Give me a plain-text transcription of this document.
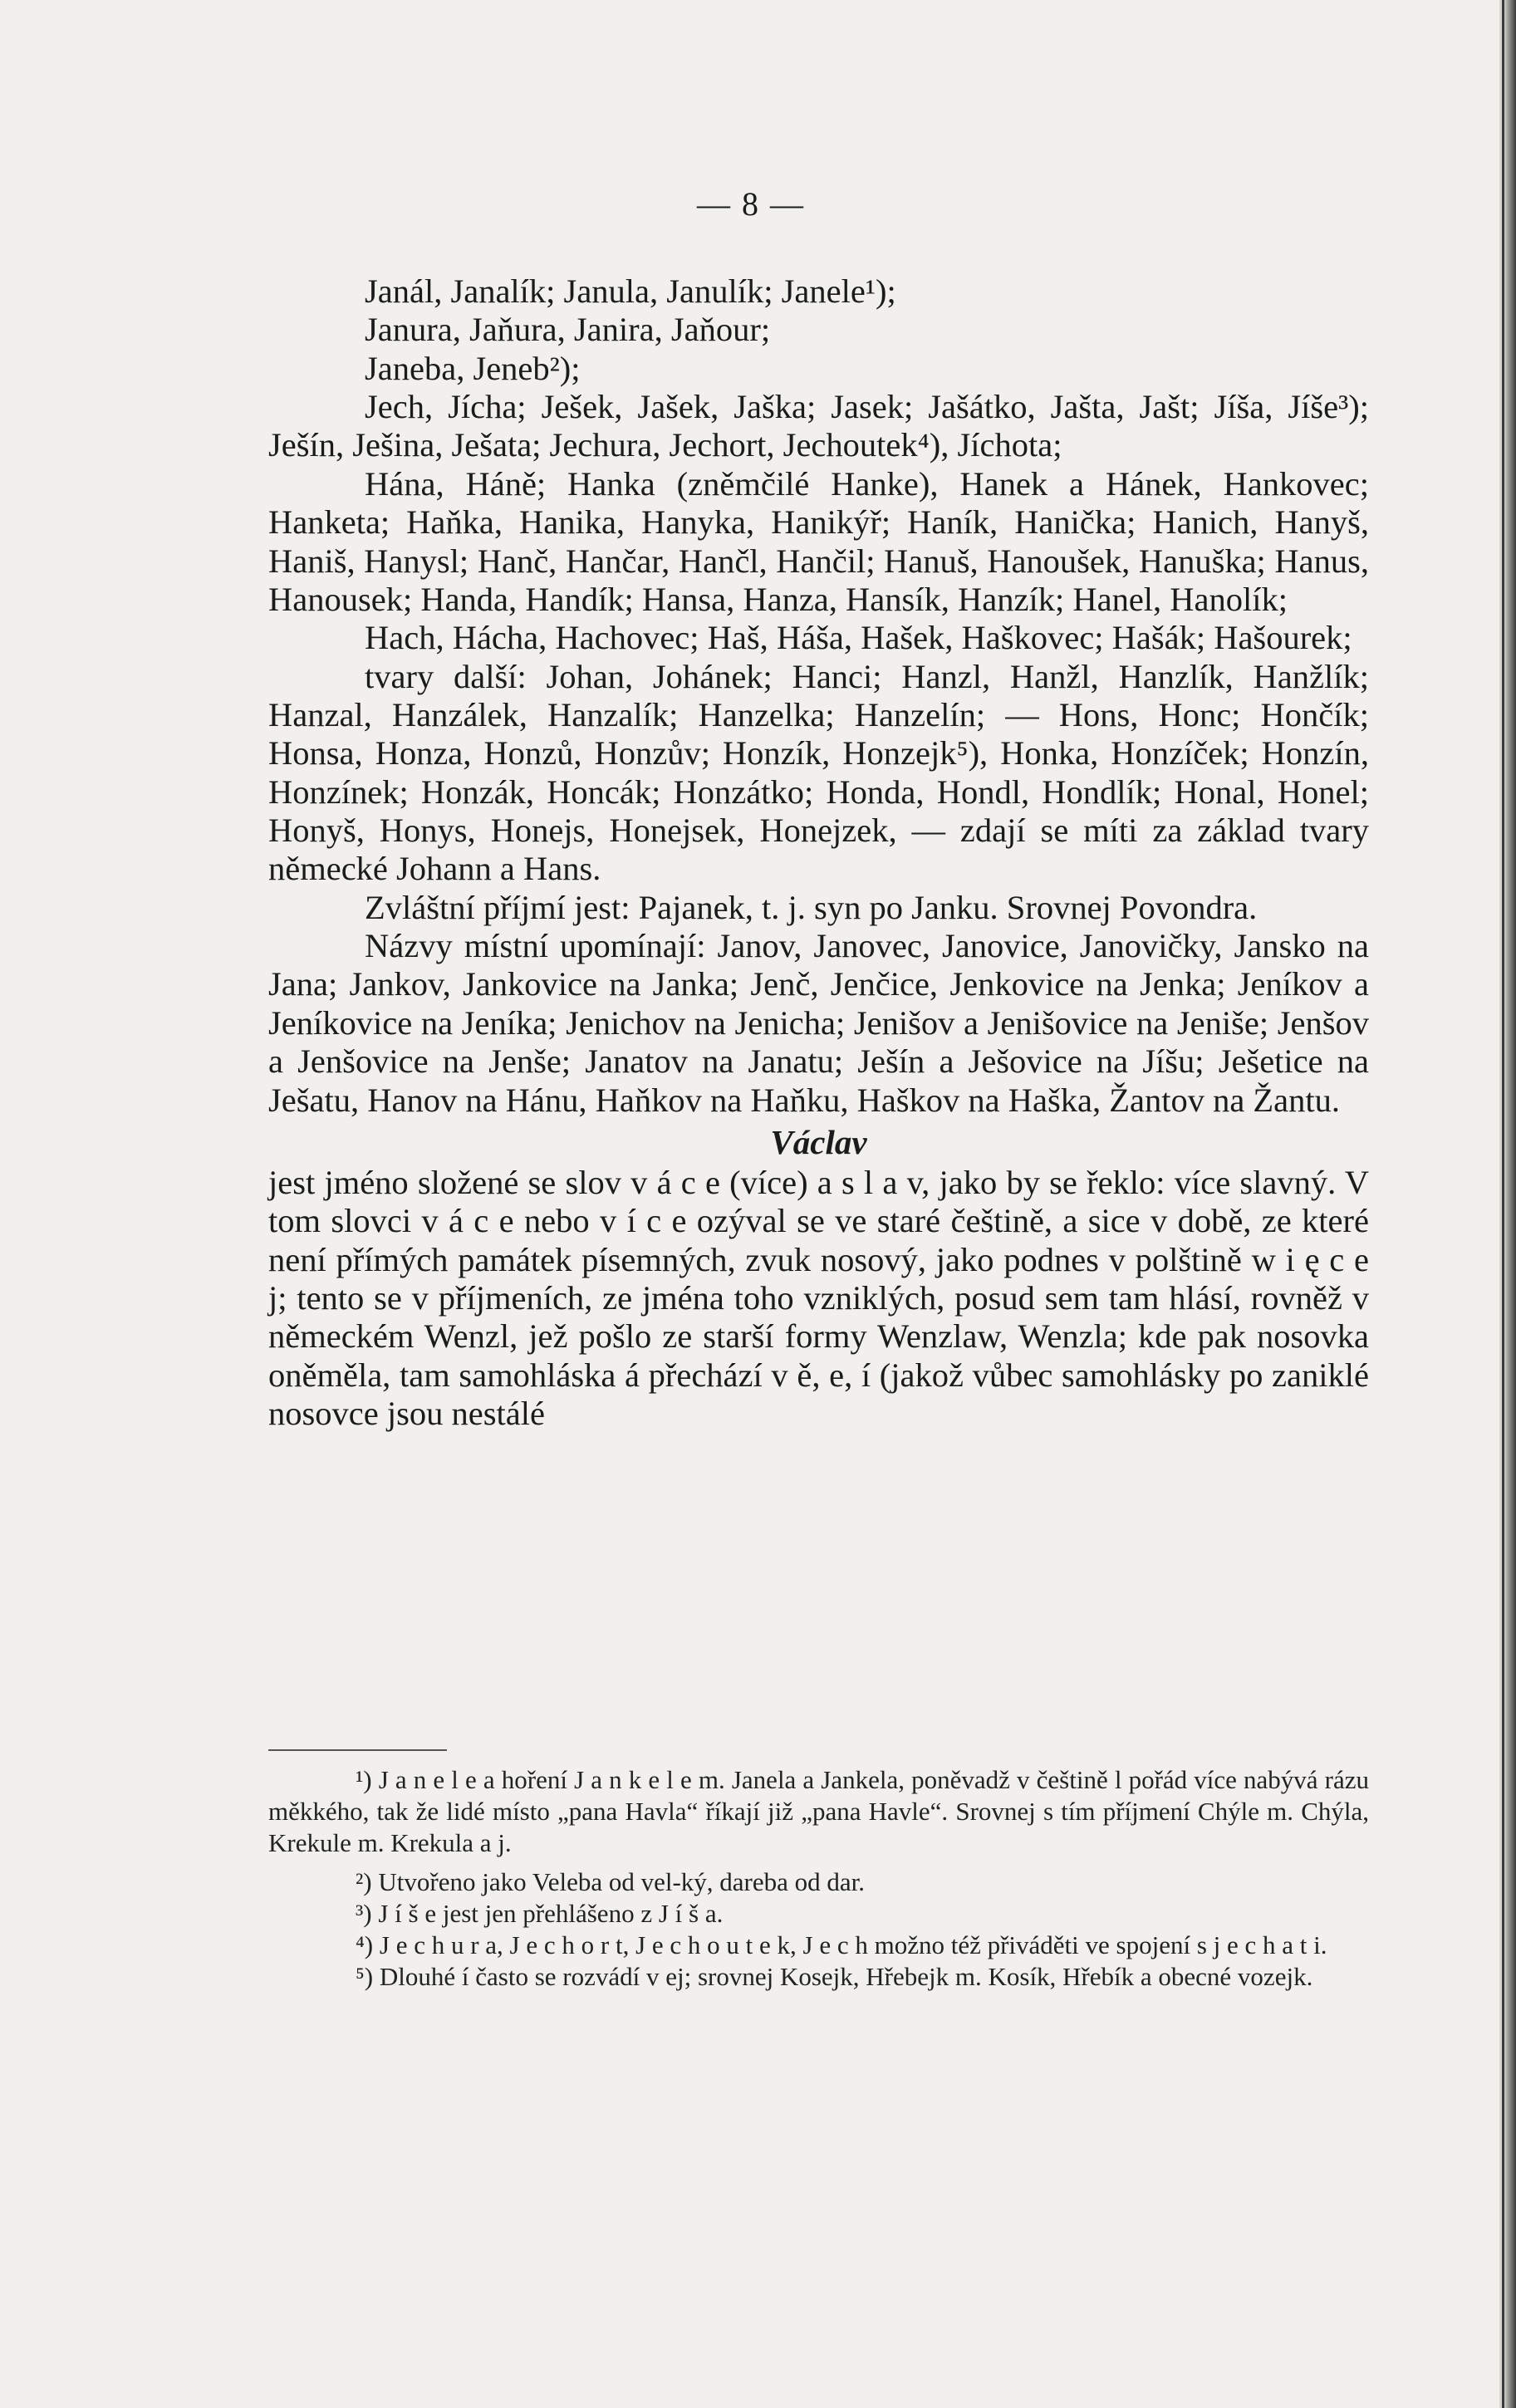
— 8 —

Janál, Janalík; Janula, Janulík; Janele¹);

Janura, Jaňura, Janira, Jaňour;

Janeba, Jeneb²);

Jech, Jícha; Ješek, Jašek, Jaška; Jasek; Jašátko, Jašta, Jašt; Jíša, Jíše³); Ješín, Ješina, Ješata; Jechura, Jechort, Jechoutek⁴), Jíchota;

Hána, Háně; Hanka (zněmčilé Hanke), Hanek a Hánek, Hankovec; Hanketa; Haňka, Hanika, Hanyka, Hanikýř; Haník, Hanička; Hanich, Hanyš, Haniš, Hanysl; Hanč, Hančar, Hančl, Hančil; Hanuš, Hanoušek, Hanuška; Hanus, Hanousek; Handa, Handík; Hansa, Hanza, Hansík, Hanzík; Hanel, Hanolík;

Hach, Hácha, Hachovec; Haš, Háša, Hašek, Haškovec; Hašák; Hašourek;

tvary další: Johan, Johánek; Hanci; Hanzl, Hanžl, Hanzlík, Hanžlík; Hanzal, Hanzálek, Hanzalík; Hanzelka; Hanzelín; — Hons, Honc; Hončík; Honsa, Honza, Honzů, Honzův; Honzík, Honzejk⁵), Honka, Honzíček; Honzín, Honzínek; Honzák, Honcák; Honzátko; Honda, Hondl, Hondlík; Honal, Honel; Honyš, Honys, Honejs, Honejsek, Honejzek, — zdají se míti za základ tvary německé Johann a Hans.

Zvláštní příjmí jest: Pajanek, t. j. syn po Janku. Srovnej Povondra.

Názvy místní upomínají: Janov, Janovec, Janovice, Janovičky, Jansko na Jana; Jankov, Jankovice na Janka; Jenč, Jenčice, Jenkovice na Jenka; Jeníkov a Jeníkovice na Jeníka; Jenichov na Jenicha; Jenišov a Jenišovice na Jeniše; Jenšov a Jenšovice na Jenše; Janatov na Janatu; Ješín a Ješovice na Jíšu; Ješetice na Ješatu, Hanov na Hánu, Haňkov na Haňku, Haškov na Haška, Žantov na Žantu.

Václav

jest jméno složené se slov v á c e (více) a s l a v, jako by se řeklo: více slavný. V tom slovci v á c e nebo v í c e ozýval se ve staré češtině, a sice v době, ze které není přímých památek písemných, zvuk nosový, jako podnes v polštině w i ę c e j; tento se v příjmeních, ze jména toho vzniklých, posud sem tam hlásí, rovněž v německém Wenzl, jež pošlo ze starší formy Wenzlaw, Wenzla; kde pak nosovka oněměla, tam samohláska á přechází v ě, e, í (jakož vůbec samohlásky po zaniklé nosovce jsou nestálé

¹) J a n e l e a hoření J a n k e l e m. Janela a Jankela, poněvadž v češtině l pořád více nabývá rázu měkkého, tak že lidé místo „pana Havla“ říkají již „pana Havle“. Srovnej s tím příjmení Chýle m. Chýla, Krekule m. Krekula a j.

²) Utvořeno jako Veleba od vel-ký, dareba od dar.

³) J í š e jest jen přehlášeno z J í š a.

⁴) J e c h u r a, J e c h o r t, J e c h o u t e k, J e c h možno též přiváděti ve spojení s j e c h a t i.

⁵) Dlouhé í často se rozvádí v ej; srovnej Kosejk, Hřebejk m. Kosík, Hřebík a obecné vozejk.
